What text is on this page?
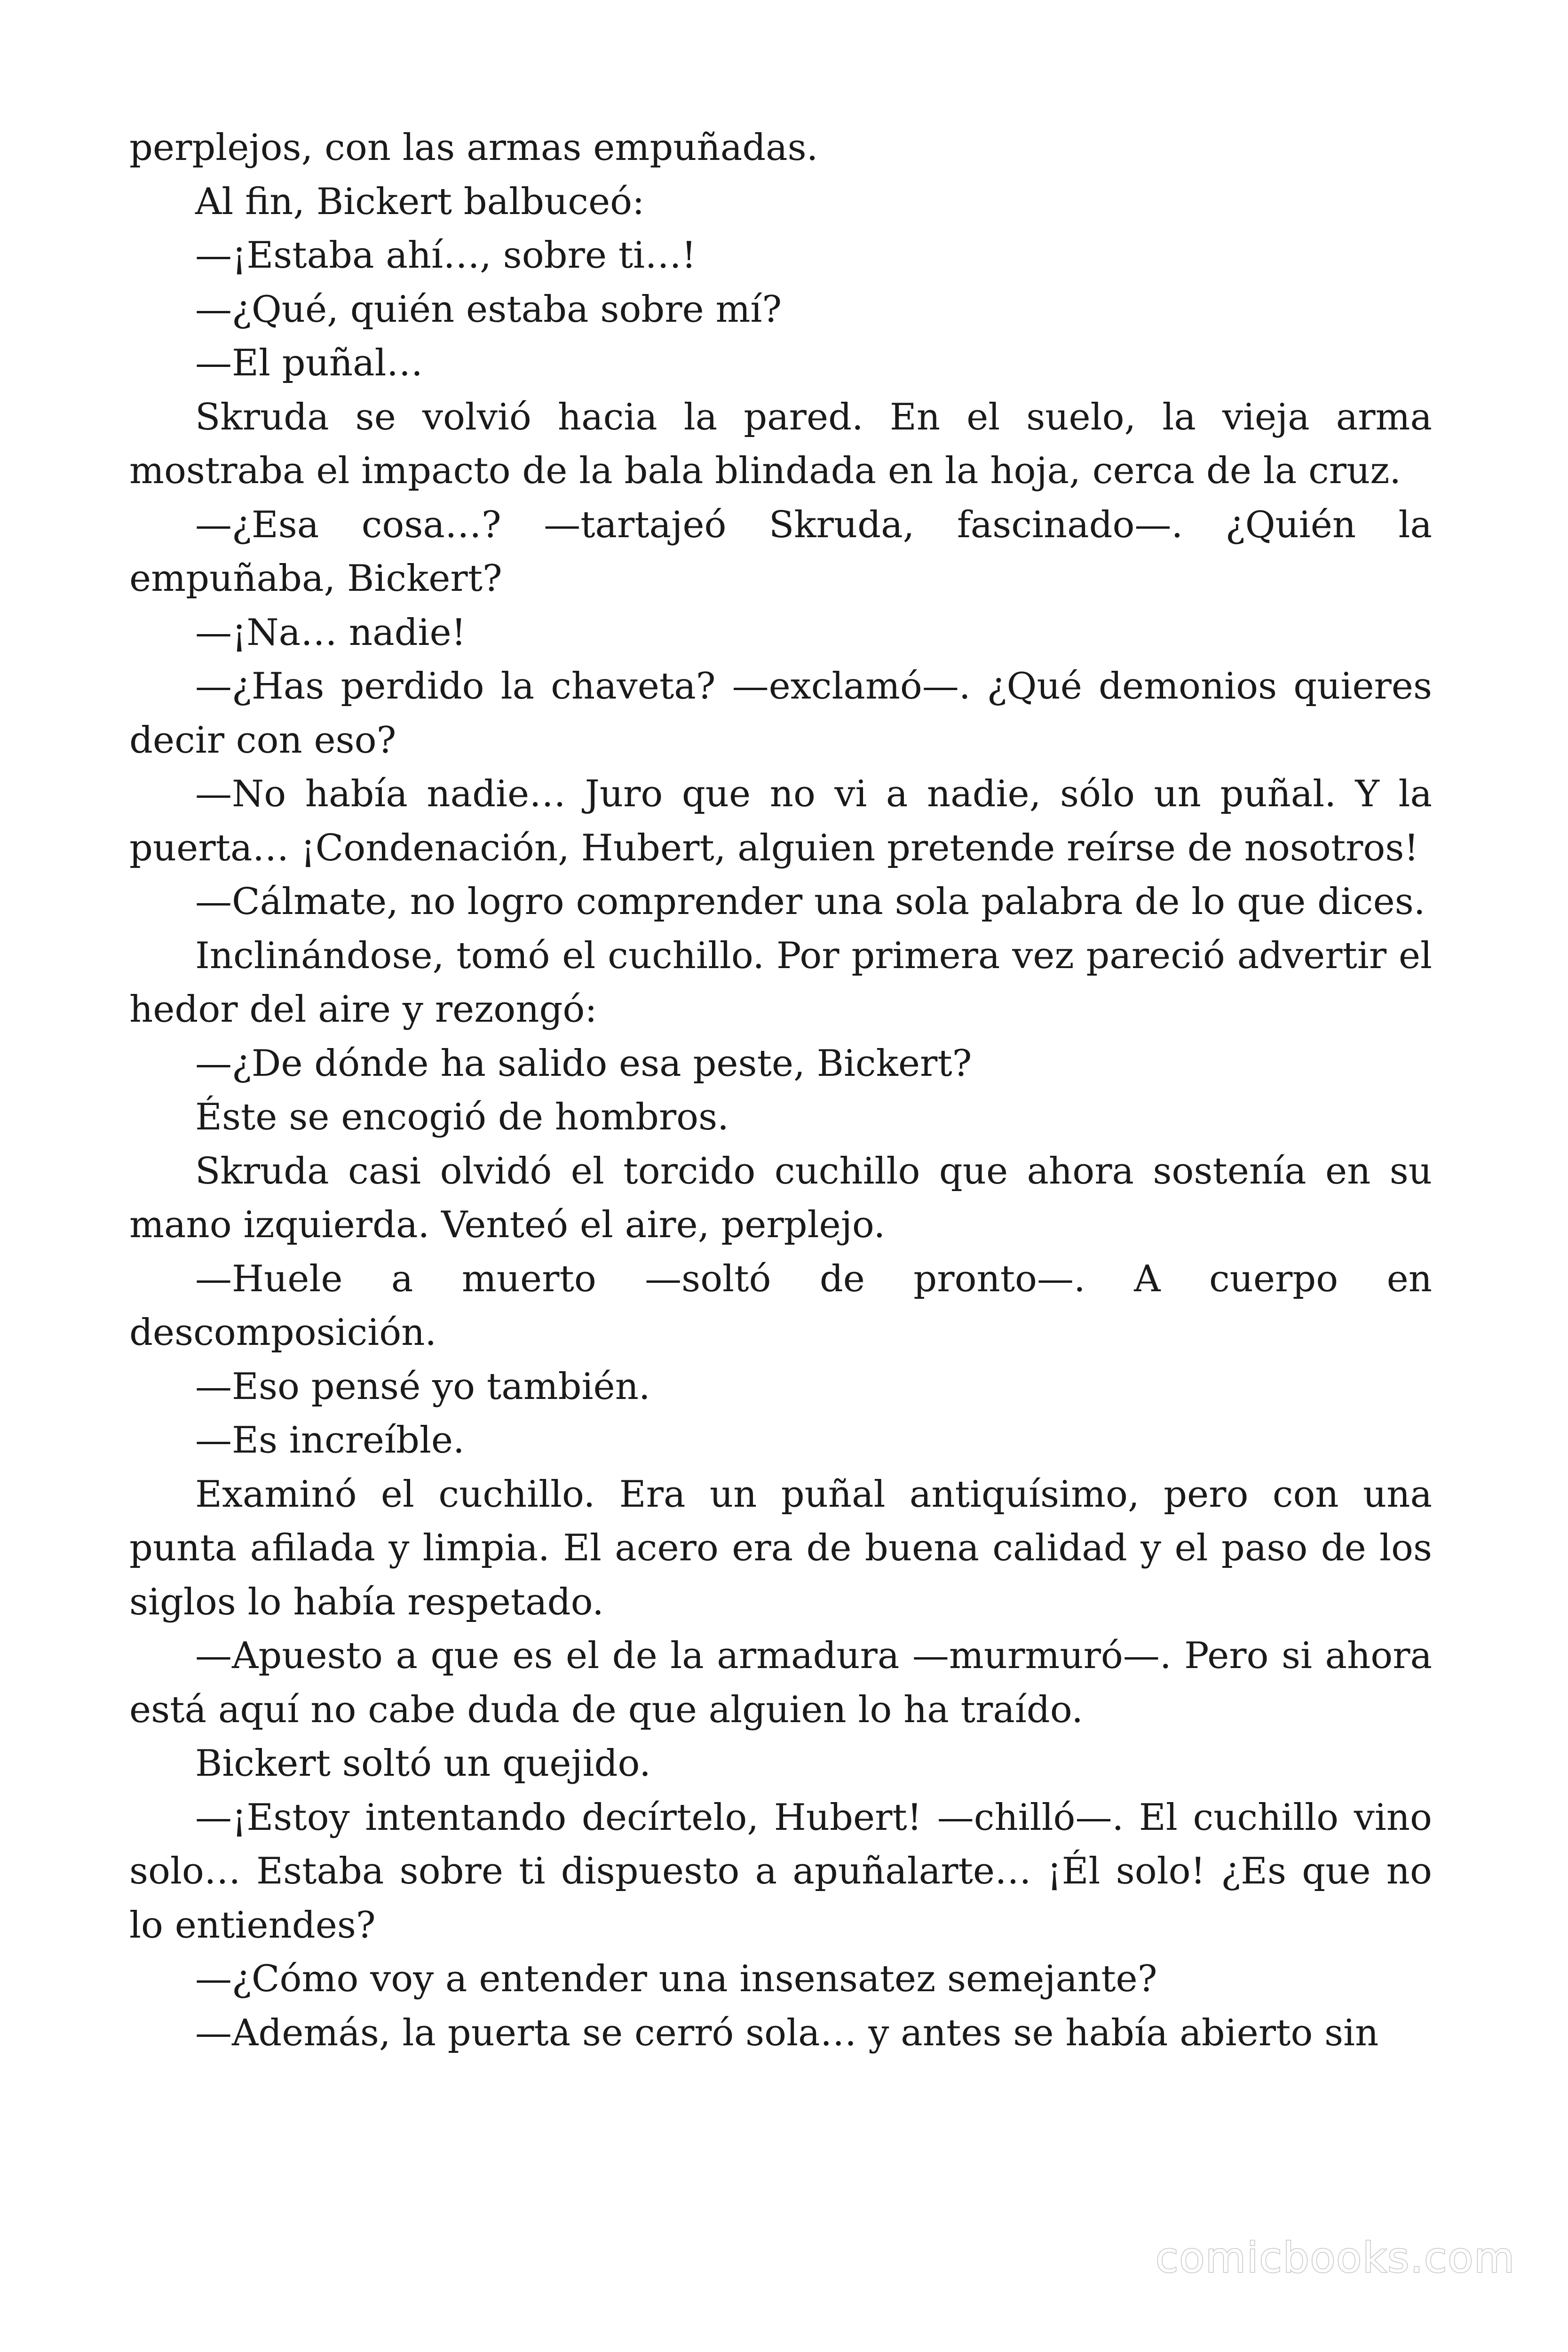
perplejos, con las armas empuñadas.

Al fin, Bickert balbuceó:

—¡Estaba ahí…, sobre ti…!

—¿Qué, quién estaba sobre mí?

—El puñal…

Skruda se volvió hacia la pared. En el suelo, la vieja arma mostraba el impacto de la bala blindada en la hoja, cerca de la cruz.

—¿Esa cosa…? —tartajeó Skruda, fascinado—. ¿Quién la empuñaba, Bickert?

—¡Na… nadie!

—¿Has perdido la chaveta? —exclamó—. ¿Qué demonios quieres decir con eso?

—No había nadie… Juro que no vi a nadie, sólo un puñal. Y la puerta… ¡Condenación, Hubert, alguien pretende reírse de nosotros!

—Cálmate, no logro comprender una sola palabra de lo que dices.

Inclinándose, tomó el cuchillo. Por primera vez pareció advertir el hedor del aire y rezongó:

—¿De dónde ha salido esa peste, Bickert?

Éste se encogió de hombros.

Skruda casi olvidó el torcido cuchillo que ahora sostenía en su mano izquierda. Venteó el aire, perplejo.

—Huele a muerto —soltó de pronto—. A cuerpo en descomposición.

—Eso pensé yo también.

—Es increíble.

Examinó el cuchillo. Era un puñal antiquísimo, pero con una punta afilada y limpia. El acero era de buena calidad y el paso de los siglos lo había respetado.

—Apuesto a que es el de la armadura —murmuró—. Pero si ahora está aquí no cabe duda de que alguien lo ha traído.

Bickert soltó un quejido.

—¡Estoy intentando decírtelo, Hubert! —chilló—. El cuchillo vino solo… Estaba sobre ti dispuesto a apuñalarte… ¡Él solo! ¿Es que no lo entiendes?

—¿Cómo voy a entender una insensatez semejante?

—Además, la puerta se cerró sola… y antes se había abierto sin

comicbooks.com
